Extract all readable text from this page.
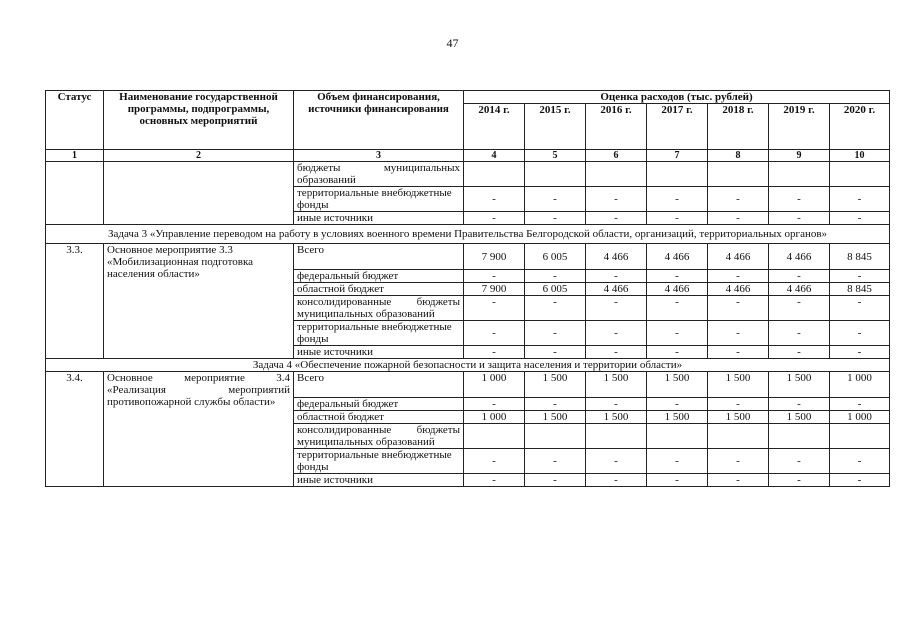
47
Статус	Наименование государственной программы, подпрограммы, основных мероприятий	Объем финансирования, источники финансирования	Оценка расходов (тыс. рублей)						
			2014 г.	2015 г.	2016 г.	2017 г.	2018 г.	2019 г.	2020 г.
1	2	3	4	5	6	7	8	9	10
		бюджеты муниципальных образований							
		территориальные внебюджетные фонды	-	-	-	-	-	-	-
		иные источники	-	-	-	-	-	-	-
Задача 3 «Управление переводом на работу в условиях военного времени Правительства Белгородской области, организаций, территориальных органов»									
3.3.	Основное мероприятие 3.3 «Мобилизационная подготовка населения области»	Всего	7 900	6 005	4 466	4 466	4 466	4 466	8 845
		федеральный бюджет	-	-	-	-	-	-	-
		областной бюджет	7 900	6 005	4 466	4 466	4 466	4 466	8 845
		консолидированные бюджеты муниципальных образований	-	-	-	-	-	-	-
		территориальные внебюджетные фонды	-	-	-	-	-	-	-
		иные источники	-	-	-	-	-	-	-
Задача 4 «Обеспечение пожарной безопасности и защита населения и территории области»									
3.4.	Основное мероприятие 3.4 «Реализация мероприятий противопожарной службы области»	Всего	1 000	1 500	1 500	1 500	1 500	1 500	1 000
		федеральный бюджет	-	-	-	-	-	-	-
		областной бюджет	1 000	1 500	1 500	1 500	1 500	1 500	1 000
		консолидированные бюджеты муниципальных образований							
		территориальные внебюджетные фонды	-	-	-	-	-	-	-
		иные источники	-	-	-	-	-	-	-
